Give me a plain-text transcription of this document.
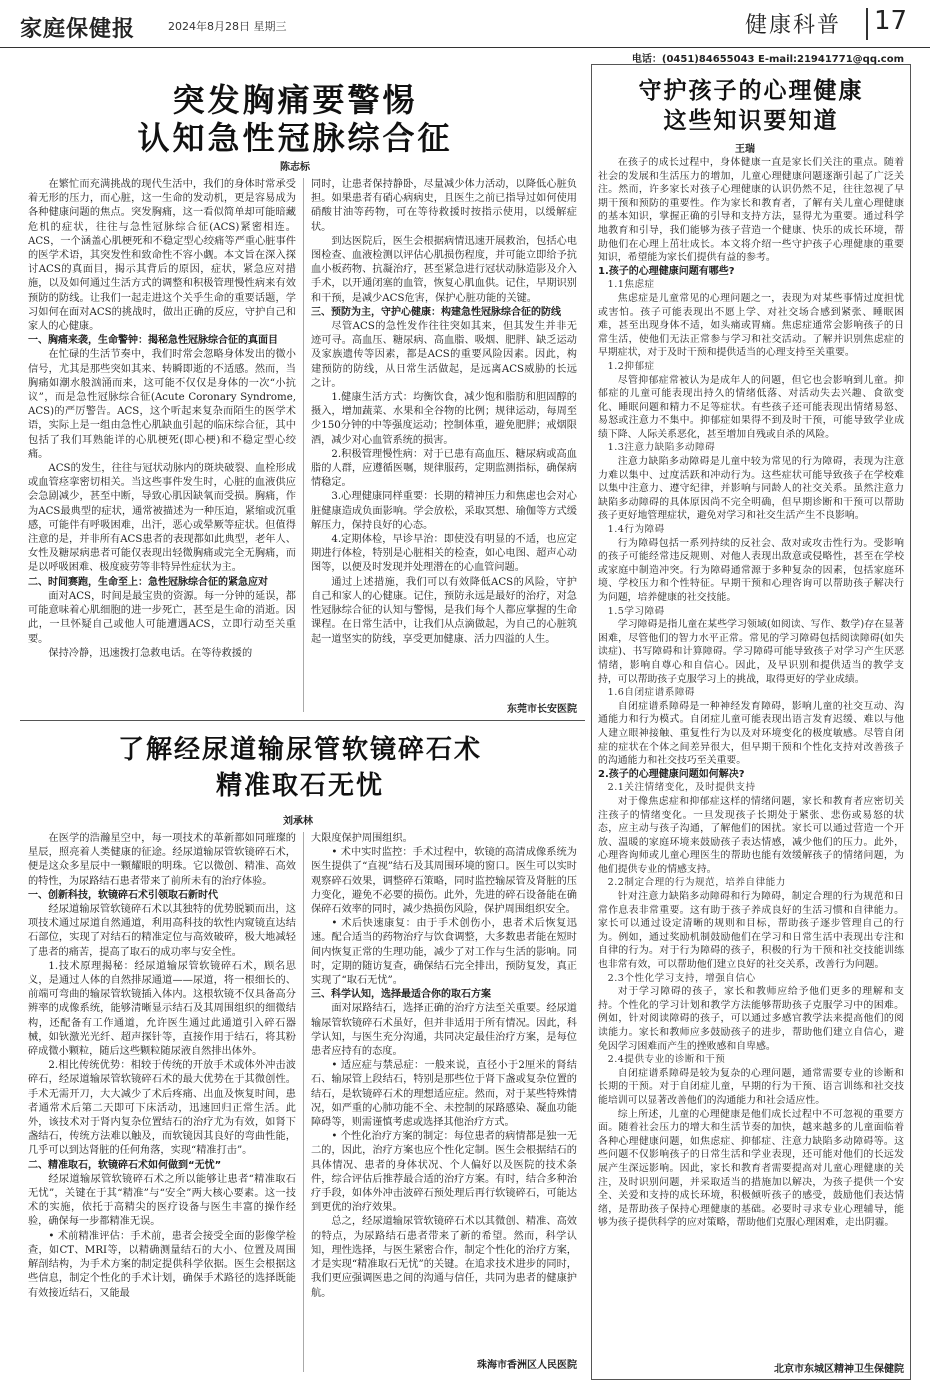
家庭保健报	2024年8月28日 星期三	健康科普 17
电话：(0451)84655043 E-mail:21941771@qq.com
突发胸痛要警惕
认知急性冠脉综合征
陈志标

在繁忙而充满挑战的现代生活中，我们的身体时常承受着无形的压力，而心脏，这一生命的发动机，更是容易成为各种健康问题的焦点。突发胸痛，这一看似简单却可能暗藏危机的症状，往往与急性冠脉综合征(ACS)紧密相连。ACS，一个涵盖心肌梗死和不稳定型心绞痛等严重心脏事件的医学术语，其突发性和致命性不容小觑。本文旨在深入探讨ACS的真面目，揭示其背后的原因，症状，紧急应对措施，以及如何通过生活方式的调整和积极管理慢性病来有效预防的防线。让我们一起走进这个关乎生命的重要话题，学习如何在面对ACS的挑战时，做出正确的反应，守护自己和家人的心健康。

一、胸痛来袭，生命警钟：揭秘急性冠脉综合征的真面目

在忙碌的生活节奏中，我们时常会忽略身体发出的微小信号，尤其是那些突如其来、转瞬即逝的不适感。然而，当胸痛如潮水般汹涌而来，这可能不仅仅是身体的一次“小抗议”，而是急性冠脉综合征(Acute Coronary Syndrome, ACS)的严厉警告。ACS，这个听起来复杂而陌生的医学术语，实际上是一组由急性心肌缺血引起的临床综合征，其中包括了我们耳熟能详的心肌梗死(即心梗)和不稳定型心绞痛。

ACS的发生，往往与冠状动脉内的斑块破裂、血栓形成或血管痉挛密切相关。当这些事件发生时，心脏的血液供应会急剧减少，甚至中断，导致心肌因缺氧而受损。胸痛，作为ACS最典型的症状，通常被描述为一种压迫，紧缩或沉重感，可能伴有呼吸困难，出汗，恶心或晕厥等症状。但值得注意的是，并非所有ACS患者的表现都如此典型，老年人、女性及糖尿病患者可能仅表现出轻微胸痛或完全无胸痛，而是以呼吸困难、极度疲劳等非特异性症状为主。

二、时间赛跑，生命至上：急性冠脉综合征的紧急应对

面对ACS，时间是最宝贵的资源。每一分钟的延误，都可能意味着心肌细胞的进一步死亡，甚至是生命的消逝。因此，一旦怀疑自己或他人可能遭遇ACS，立即行动至关重要。

保持冷静，迅速拨打急救电话。在等待救援的

同时，让患者保持静卧，尽量减少体力活动，以降低心脏负担。如果患者有硝心病病史，且医生之前已指导过如何使用硝酸甘油等药物，可在等待救援时按指示使用，以缓解症状。

到达医院后，医生会根据病情迅速开展救治，包括心电图检查、血液检测以评估心肌损伤程度，并可能立即给予抗血小板药物、抗凝治疗，甚至紧急进行冠状动脉造影及介入手术，以开通闭塞的血管，恢复心肌血供。记住，早期识别和干预，是减少ACS危害，保护心脏功能的关键。

三、预防为主，守护心健康：构建急性冠脉综合征的防线

尽管ACS的急性发作往往突如其来，但其发生并非无迹可寻。高血压、糖尿病、高血脂、吸烟、肥胖、缺乏运动及家族遗传等因素，都是ACS的重要风险因素。因此，构建预防的防线，从日常生活做起，是远离ACS威胁的长远之计。

1.健康生活方式：均衡饮食，减少饱和脂肪和胆固醇的摄入，增加蔬菜、水果和全谷物的比例；规律运动，每周至少150分钟的中等强度运动；控制体重，避免肥胖；戒烟限酒，减少对心血管系统的损害。

2.积极管理慢性病：对于已患有高血压、糖尿病或高血脂的人群，应遵循医嘱，规律服药，定期监测指标，确保病情稳定。

3.心理健康同样重要：长期的精神压力和焦虑也会对心脏健康造成负面影响。学会放松，采取冥想、瑜伽等方式缓解压力，保持良好的心态。

4.定期体检，早诊早治：即使没有明显的不适，也应定期进行体检，特别是心脏相关的检查，如心电图、超声心动图等，以便及时发现并处理潜在的心血管问题。

通过上述措施，我们可以有效降低ACS的风险，守护自己和家人的心健康。记住，预防永远是最好的治疗，对急性冠脉综合征的认知与警惕，是我们每个人都应掌握的生命课程。在日常生活中，让我们从点滴做起，为自己的心脏筑起一道坚实的防线，享受更加健康、活力四溢的人生。

东莞市长安医院
了解经尿道输尿管软镜碎石术
精准取石无忧
刘承林

在医学的浩瀚星空中，每一项技术的革新都如同璀璨的星辰，照亮着人类健康的征途。经尿道输尿管软镜碎石术，便是这众多星辰中一颗耀眼的明珠。它以微创、精准、高效的特性，为尿路结石患者带来了前所未有的治疗体验。

一、创新科技，软镜碎石术引领取石新时代

经尿道输尿管软镜碎石术以其独特的优势脱颖而出，这项技术通过尿道自然通道，利用高科技的软性内窥镜直达结石部位，实现了对结石的精准定位与高效破碎，极大地减轻了患者的痛苦，提高了取石的成功率与安全性。

1.技术原理揭秘：经尿道输尿管软镜碎石术，顾名思义，是通过人体的自然排尿通道——尿道，将一根细长的、前端可弯曲的输尿管软镜插入体内。这根软镜不仅具备高分辨率的成像系统，能够清晰显示结石及其周围组织的细微结构，还配备有工作通道，允许医生通过此通道引入碎石器械，如钬激光光纤、超声探针等，直接作用于结石，将其粉碎成微小颗粒，随后这些颗粒随尿液自然排出体外。

2.相比传统优势：相较于传统的开放手术或体外冲击波碎石，经尿道输尿管软镜碎石术的最大优势在于其微创性。手术无需开刀，大大减少了术后疼痛、出血及恢复时间，患者通常术后第二天即可下床活动，迅速回归正常生活。此外，该技术对于肾内复杂位置结石的治疗尤为有效，如肾下盏结石，传统方法难以触及，而软镜因其良好的弯曲性能，几乎可以到达肾脏的任何角落，实现“精准打击”。

二、精准取石，软镜碎石术如何做到“无忧”

经尿道输尿管软镜碎石术之所以能够让患者“精准取石无忧”，关键在于其“精准”与“安全”两大核心要素。这一技术的实施，依托于高精尖的医疗设备与医生丰富的操作经验，确保每一步都精准无误。

• 术前精准评估：手术前，患者会接受全面的影像学检查，如CT、MRI等，以精确测量结石的大小、位置及周围解剖结构，为手术方案的制定提供科学依据。医生会根据这些信息，制定个性化的手术计划，确保手术路径的选择既能有效接近结石，又能最

大限度保护周围组织。

• 术中实时监控：手术过程中，软镜的高清成像系统为医生提供了“直视”结石及其周围环境的窗口。医生可以实时观察碎石效果，调整碎石策略，同时监控输尿管及肾脏的压力变化，避免不必要的损伤。此外，先进的碎石设备能在确保碎石效率的同时，减少热损伤风险，保护周围组织安全。

• 术后快速康复：由于手术创伤小，患者术后恢复迅速。配合适当的药物治疗与饮食调整，大多数患者能在短时间内恢复正常的生理功能，减少了对工作与生活的影响。同时，定期的随访复查，确保结石完全排出，预防复发，真正实现了“取石无忧”。

三、科学认知，选择最适合你的取石方案

面对尿路结石，选择正确的治疗方法至关重要。经尿道输尿管软镜碎石术虽好，但并非适用于所有情况。因此，科学认知，与医生充分沟通，共同决定最佳治疗方案，是每位患者应持有的态度。

• 适应症与禁忌症：一般来说，直径小于2厘米的肾结石、输尿管上段结石，特别是那些位于肾下盏或复杂位置的结石，是软镜碎石术的理想适应症。然而，对于某些特殊情况，如严重的心肺功能不全、未控制的尿路感染、凝血功能障碍等，则需谨慎考虑或选择其他治疗方式。

• 个性化治疗方案的制定：每位患者的病情都是独一无二的，因此，治疗方案也应个性化定制。医生会根据结石的具体情况、患者的身体状况、个人偏好以及医院的技术条件，综合评估后推荐最合适的治疗方案。有时，结合多种治疗手段，如体外冲击波碎石预处理后再行软镜碎石，可能达到更优的治疗效果。

总之，经尿道输尿管软镜碎石术以其微创、精准、高效的特点，为尿路结石患者带来了新的希望。然而，科学认知，理性选择，与医生紧密合作，制定个性化的治疗方案，才是实现“精准取石无忧”的关键。在追求技术进步的同时，我们更应强调医患之间的沟通与信任，共同为患者的健康护航。

珠海市香洲区人民医院
守护孩子的心理健康
这些知识要知道
王瑞

在孩子的成长过程中，身体健康一直是家长们关注的重点。随着社会的发展和生活压力的增加，儿童心理健康问题逐渐引起了广泛关注。然而，许多家长对孩子心理健康的认识仍然不足，往往忽视了早期干预和预防的重要性。作为家长和教育者，了解有关儿童心理健康的基本知识，掌握正确的引导和支持方法，显得尤为重要。通过科学地教育和引导，我们能够为孩子营造一个健康、快乐的成长环境，帮助他们在心理上茁壮成长。本文将介绍一些守护孩子心理健康的重要知识，希望能为家长们提供有益的参考。

1.孩子的心理健康问题有哪些?

1.1焦虑症

焦虑症是儿童常见的心理问题之一，表现为对某些事情过度担忧或害怕。孩子可能表现出不愿上学、对社交场合感到紧张、睡眠困难，甚至出现身体不适，如头痛或胃痛。焦虑症通常会影响孩子的日常生活，使他们无法正常参与学习和社交活动。了解并识别焦虑症的早期症状，对于及时干预和提供适当的心理支持至关重要。

1.2抑郁症

尽管抑郁症常被认为是成年人的问题，但它也会影响到儿童。抑郁症的儿童可能表现出持久的情绪低落、对活动失去兴趣、食欲变化、睡眠问题和精力不足等症状。有些孩子还可能表现出情绪易怒、易怒或注意力不集中。抑郁症如果得不到及时干预，可能导致学业成绩下降、人际关系恶化，甚至增加自残或自杀的风险。

1.3注意力缺陷多动障碍

注意力缺陷多动障碍是儿童中较为常见的行为障碍，表现为注意力难以集中、过度活跃和冲动行为。这些症状可能导致孩子在学校难以集中注意力、遵守纪律，并影响与同龄人的社交关系。虽然注意力缺陷多动障碍的具体原因尚不完全明确，但早期诊断和干预可以帮助孩子更好地管理症状，避免对学习和社交生活产生不良影响。

1.4行为障碍

行为障碍包括一系列持续的反社会、敌对或攻击性行为。受影响的孩子可能经常违反规则、对他人表现出敌意或侵略性，甚至在学校或家庭中制造冲突。行为障碍通常源于多种复杂的因素，包括家庭环境、学校压力和个性特征。早期干预和心理咨询可以帮助孩子解决行为问题，培养健康的社交技能。

1.5学习障碍

学习障碍是指儿童在某些学习领域(如阅读、写作、数学)存在显著困难，尽管他们的智力水平正常。常见的学习障碍包括阅读障碍(如失读症)、书写障碍和计算障碍。学习障碍可能导致孩子对学习产生厌恶情绪，影响自尊心和自信心。因此，及早识别和提供适当的教学支持，可以帮助孩子克服学习上的挑战，取得更好的学业成绩。

1.6自闭症谱系障碍

自闭症谱系障碍是一种神经发育障碍，影响儿童的社交互动、沟通能力和行为模式。自闭症儿童可能表现出语言发育迟缓、难以与他人建立眼神接触、重复性行为以及对环境变化的极度敏感。尽管自闭症的症状在个体之间差异很大，但早期干预和个性化支持对改善孩子的沟通能力和社交技巧至关重要。

2.孩子的心理健康问题如何解决?

2.1关注情绪变化，及时提供支持

对于像焦虑症和抑郁症这样的情绪问题，家长和教育者应密切关注孩子的情绪变化。一旦发现孩子长期处于紧张、悲伤或易怒的状态，应主动与孩子沟通，了解他们的困扰。家长可以通过营造一个开放、温暖的家庭环境来鼓励孩子表达情感，减少他们的压力。此外，心理咨询师或儿童心理医生的帮助也能有效缓解孩子的情绪问题，为他们提供专业的情感支持。

2.2制定合理的行为规范，培养自律能力

针对注意力缺陷多动障碍和行为障碍，制定合理的行为规范和日常作息表非常重要。这有助于孩子养成良好的生活习惯和自律能力。家长可以通过设定清晰的规则和目标，帮助孩子逐步管理自己的行为。例如，通过奖励机制鼓励他们在学习和日常生活中表现出专注和自律的行为。对于行为障碍的孩子，积极的行为干预和社交技能训练也非常有效，可以帮助他们建立良好的社交关系，改善行为问题。

2.3个性化学习支持，增强自信心

对于学习障碍的孩子，家长和教师应给予他们更多的理解和支持。个性化的学习计划和教学方法能够帮助孩子克服学习中的困难。例如，针对阅读障碍的孩子，可以通过多感官教学法来提高他们的阅读能力。家长和教师应多鼓励孩子的进步，帮助他们建立自信心，避免因学习困难而产生的挫败感和自卑感。

2.4提供专业的诊断和干预

自闭症谱系障碍是较为复杂的心理问题，通常需要专业的诊断和长期的干预。对于自闭症儿童，早期的行为干预、语言训练和社交技能培训可以显著改善他们的沟通能力和社会适应性。

综上所述，儿童的心理健康是他们成长过程中不可忽视的重要方面。随着社会压力的增大和生活节奏的加快，越来越多的儿童面临着各种心理健康问题，如焦虑症、抑郁症、注意力缺陷多动障碍等。这些问题不仅影响孩子的日常生活和学业表现，还可能对他们的长远发展产生深远影响。因此，家长和教育者需要提高对儿童心理健康的关注，及时识别问题，并采取适当的措施加以解决，为孩子提供一个安全、关爱和支持的成长环境，积极倾听孩子的感受，鼓励他们表达情绪，是帮助孩子保持心理健康的基础。必要时寻求专业心理辅导，能够为孩子提供科学的应对策略，帮助他们克服心理困难，走出阴霾。

北京市东城区精神卫生保健院
